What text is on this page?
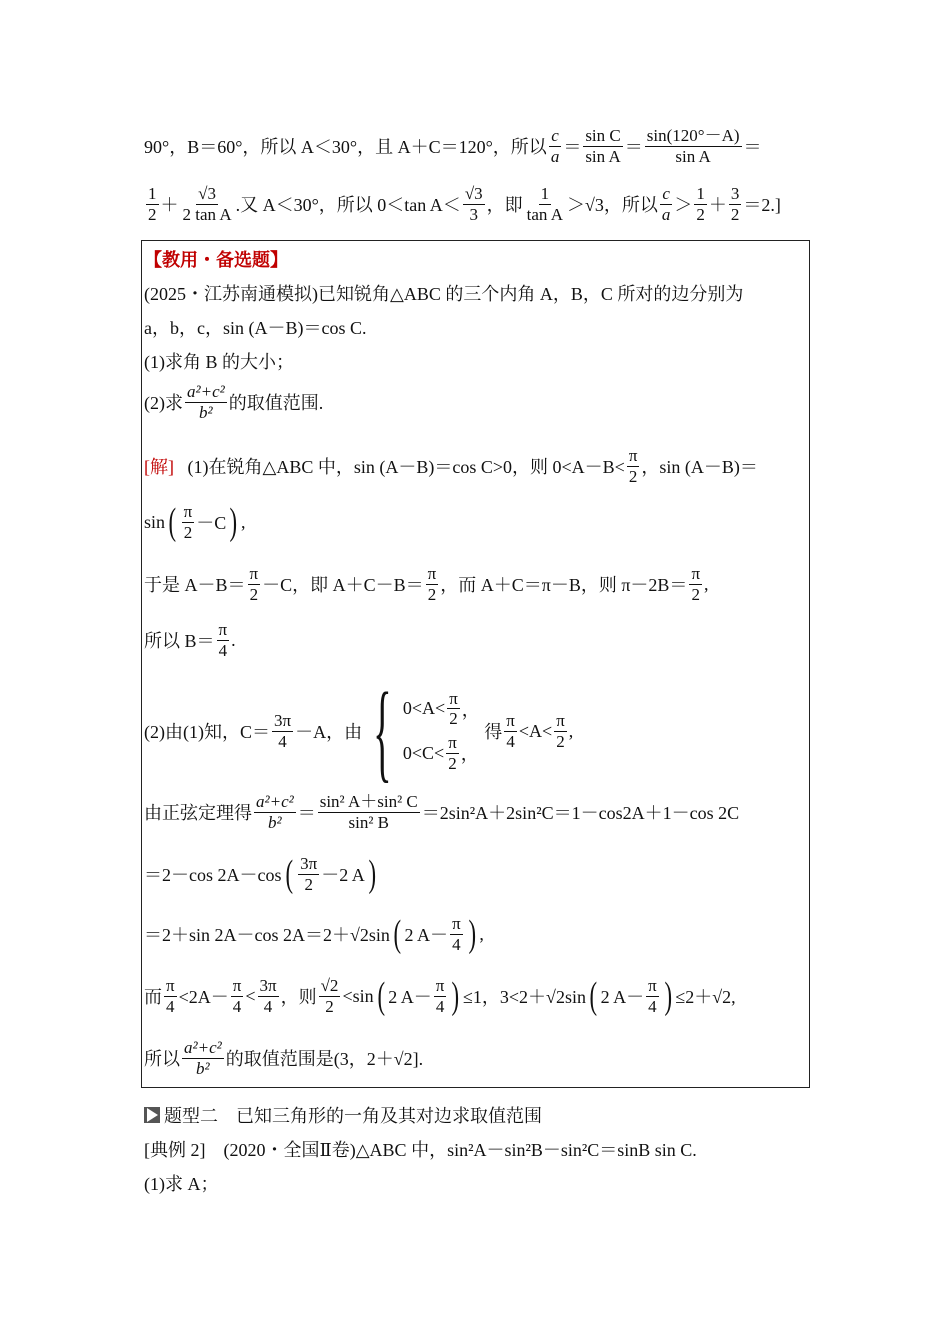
90°，B＝60°，所以 A＜30°，且 A＋C＝120°，所以
c
a ＝
sin C
sin A ＝
sin(120°－A)
sin A ＝
1
2 ＋
√3
2 tan A .又 A＜30°，所以 0＜tan A＜
√3
3 ，即
1
tan A ＞√3，所以
c
a ＞
1
2 ＋
3
2 ＝2.]
【教用・备选题】
(2025・江苏南通模拟)已知锐角△ABC 的三个内角 A，B，C 所对的边分别为
a，b，c，sin (A－B)＝cos C.
(1)求角 B 的大小；
(2)求
a²+c²
b² 的取值范围.
[解]
(1)在锐角△ABC 中，sin (A－B)＝cos C>0，则 0<A－B<
π
2 ，sin (A－B)＝
sin ( π
2 －C ) ,
于是 A－B＝
π
2 －C，即 A＋C－B＝
π
2 ，而 A＋C＝π－B，则 π－2B＝
π
2
,
所以 B＝
π
4
.
(2)由(1)知，C＝
3π
4 －A，由 { 0<A<
π
2 ，
0<C<
π
2 ，

得
π
4
<A<
π
2
,
由正弦定理得
a²+c²
b² ＝
sin² A＋sin² C
sin² B ＝2sin²A＋2sin²C＝1－cos2A＋1－cos 2C
＝2－cos 2A－cos ( 3π
2 －2 A )
＝2＋sin 2A－cos 2A＝2＋√2sin ( 2 A－
π
4 ) ,
而
π
4 <2A－
π
4
<
3π
4 ，则
√2
2
<sin ( 2 A－
π
4 ) ≤1，3<2＋√2sin ( 2 A－
π
4 ) ≤2＋√2,
所以
a²+c²
b² 的取值范围是(3，2＋√2].
题型二　已知三角形的一角及其对边求取值范围
[典例 2]　(2020・全国Ⅱ卷)△ABC 中，sin²A－sin²B－sin²C＝sinB sin C.
(1)求 A；
